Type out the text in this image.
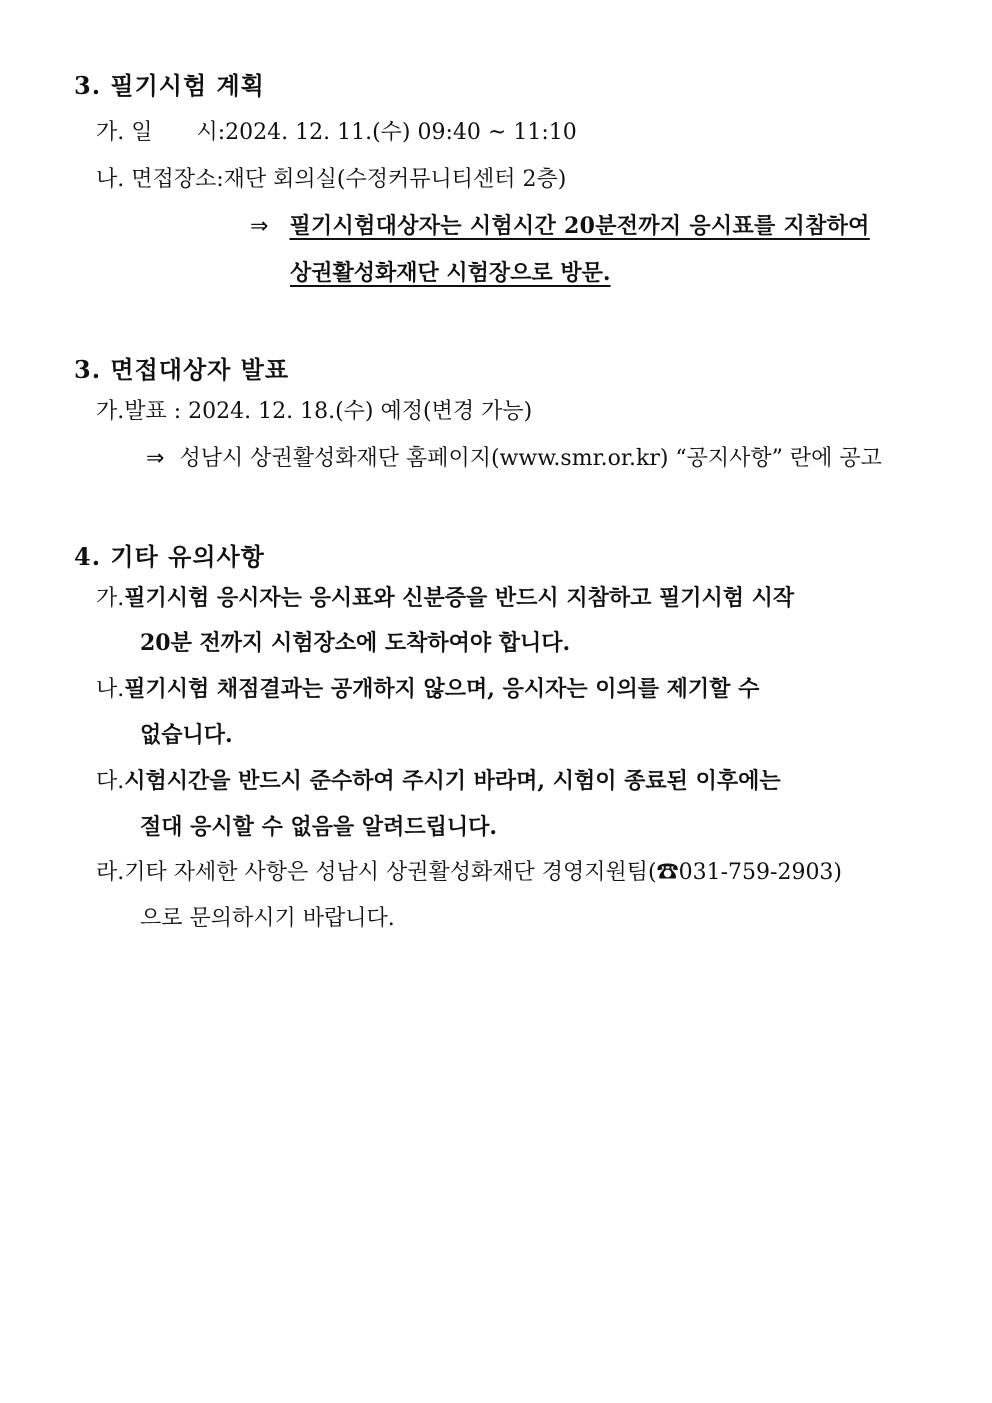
3. 필기시험 계획
가. 일　　시:2024. 12. 11.(수) 09:40 ~ 11:10
나. 면접장소:재단 회의실(수정커뮤니티센터 2층)
⇒ 필기시험대상자는 시험시간 20분전까지 응시표를 지참하여
상권활성화재단 시험장으로 방문.
3. 면접대상자 발표
가.발표 : 2024. 12. 18.(수) 예정(변경 가능)
⇒ 성남시 상권활성화재단 홈페이지(www.smr.or.kr) “공지사항” 란에 공고
4. 기타 유의사항
가.필기시험 응시자는 응시표와 신분증을 반드시 지참하고 필기시험 시작
20분 전까지 시험장소에 도착하여야 합니다.
나.필기시험 채점결과는 공개하지 않으며, 응시자는 이의를 제기할 수
없습니다.
다.시험시간을 반드시 준수하여 주시기 바라며, 시험이 종료된 이후에는
절대 응시할 수 없음을 알려드립니다.
라.기타 자세한 사항은 성남시 상권활성화재단 경영지원팀(☎031-759-2903)
으로 문의하시기 바랍니다.
